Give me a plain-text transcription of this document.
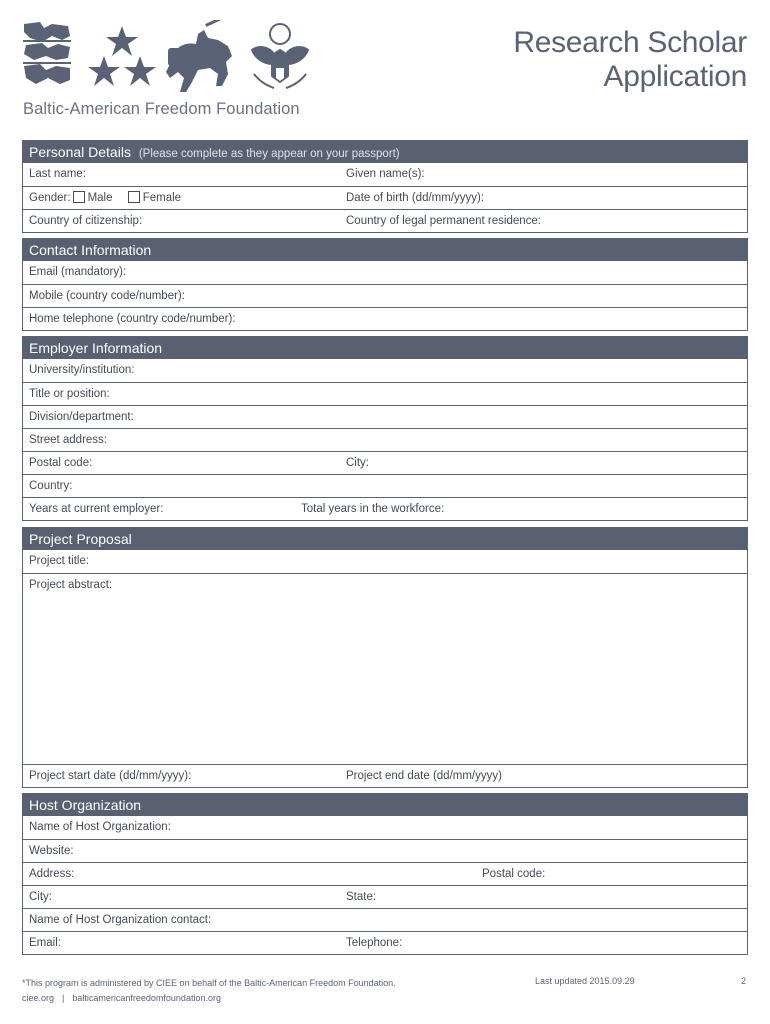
Baltic-American Freedom Foundation
Research Scholar
Application
Personal Details (Please complete as they appear on your passport)
Last name:	Given name(s):
Gender: Male	Female	Date of birth (dd/mm/yyyy):
Country of citizenship:	Country of legal permanent residence:
Contact Information
Email (mandatory):
Mobile (country code/number):
Home telephone (country code/number):
Employer Information
University/institution:
Title or position:
Division/department:
Street address:
Postal code:	City:
Country:
Years at current employer:	Total years in the workforce:
Project Proposal
Project title:
Project abstract:
Project start date (dd/mm/yyyy):	Project end date (dd/mm/yyyy)
Host Organization
Name of Host Organization:
Website:
Address:	Postal code:
City:	State:
Name of Host Organization contact:
Email:	Telephone:
*This program is administered by CIEE on behalf of the Baltic-American Freedom Foundation.
ciee.org | balticamericanfreedomfoundation.org
Last updated 2015.09.29	2
